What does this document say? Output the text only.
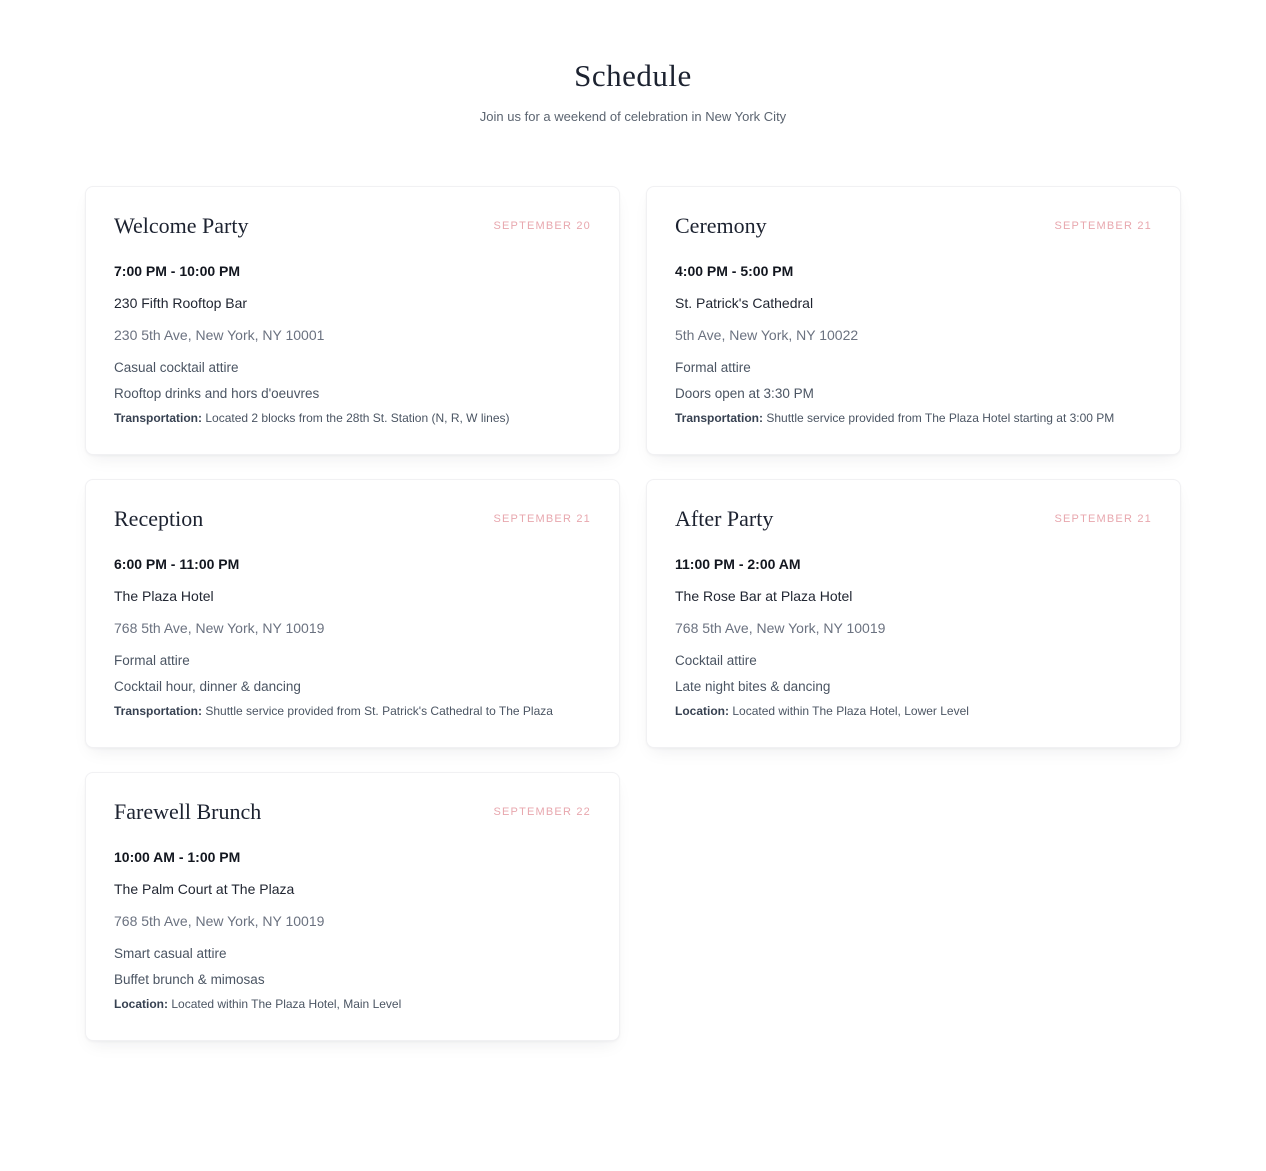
Schedule

Join us for a weekend of celebration in New York City

Welcome Party	SEPTEMBER 20

7:00 PM - 10:00 PM

230 Fifth Rooftop Bar

230 5th Ave, New York, NY 10001

Casual cocktail attire

Rooftop drinks and hors d'oeuvres

Transportation: Located 2 blocks from the 28th St. Station (N, R, W lines)

Ceremony	SEPTEMBER 21

4:00 PM - 5:00 PM

St. Patrick's Cathedral

5th Ave, New York, NY 10022

Formal attire

Doors open at 3:30 PM

Transportation: Shuttle service provided from The Plaza Hotel starting at 3:00 PM

Reception	SEPTEMBER 21

6:00 PM - 11:00 PM

The Plaza Hotel

768 5th Ave, New York, NY 10019

Formal attire

Cocktail hour, dinner & dancing

Transportation: Shuttle service provided from St. Patrick's Cathedral to The Plaza

After Party	SEPTEMBER 21

11:00 PM - 2:00 AM

The Rose Bar at Plaza Hotel

768 5th Ave, New York, NY 10019

Cocktail attire

Late night bites & dancing

Location: Located within The Plaza Hotel, Lower Level

Farewell Brunch	SEPTEMBER 22

10:00 AM - 1:00 PM

The Palm Court at The Plaza

768 5th Ave, New York, NY 10019

Smart casual attire

Buffet brunch & mimosas

Location: Located within The Plaza Hotel, Main Level
